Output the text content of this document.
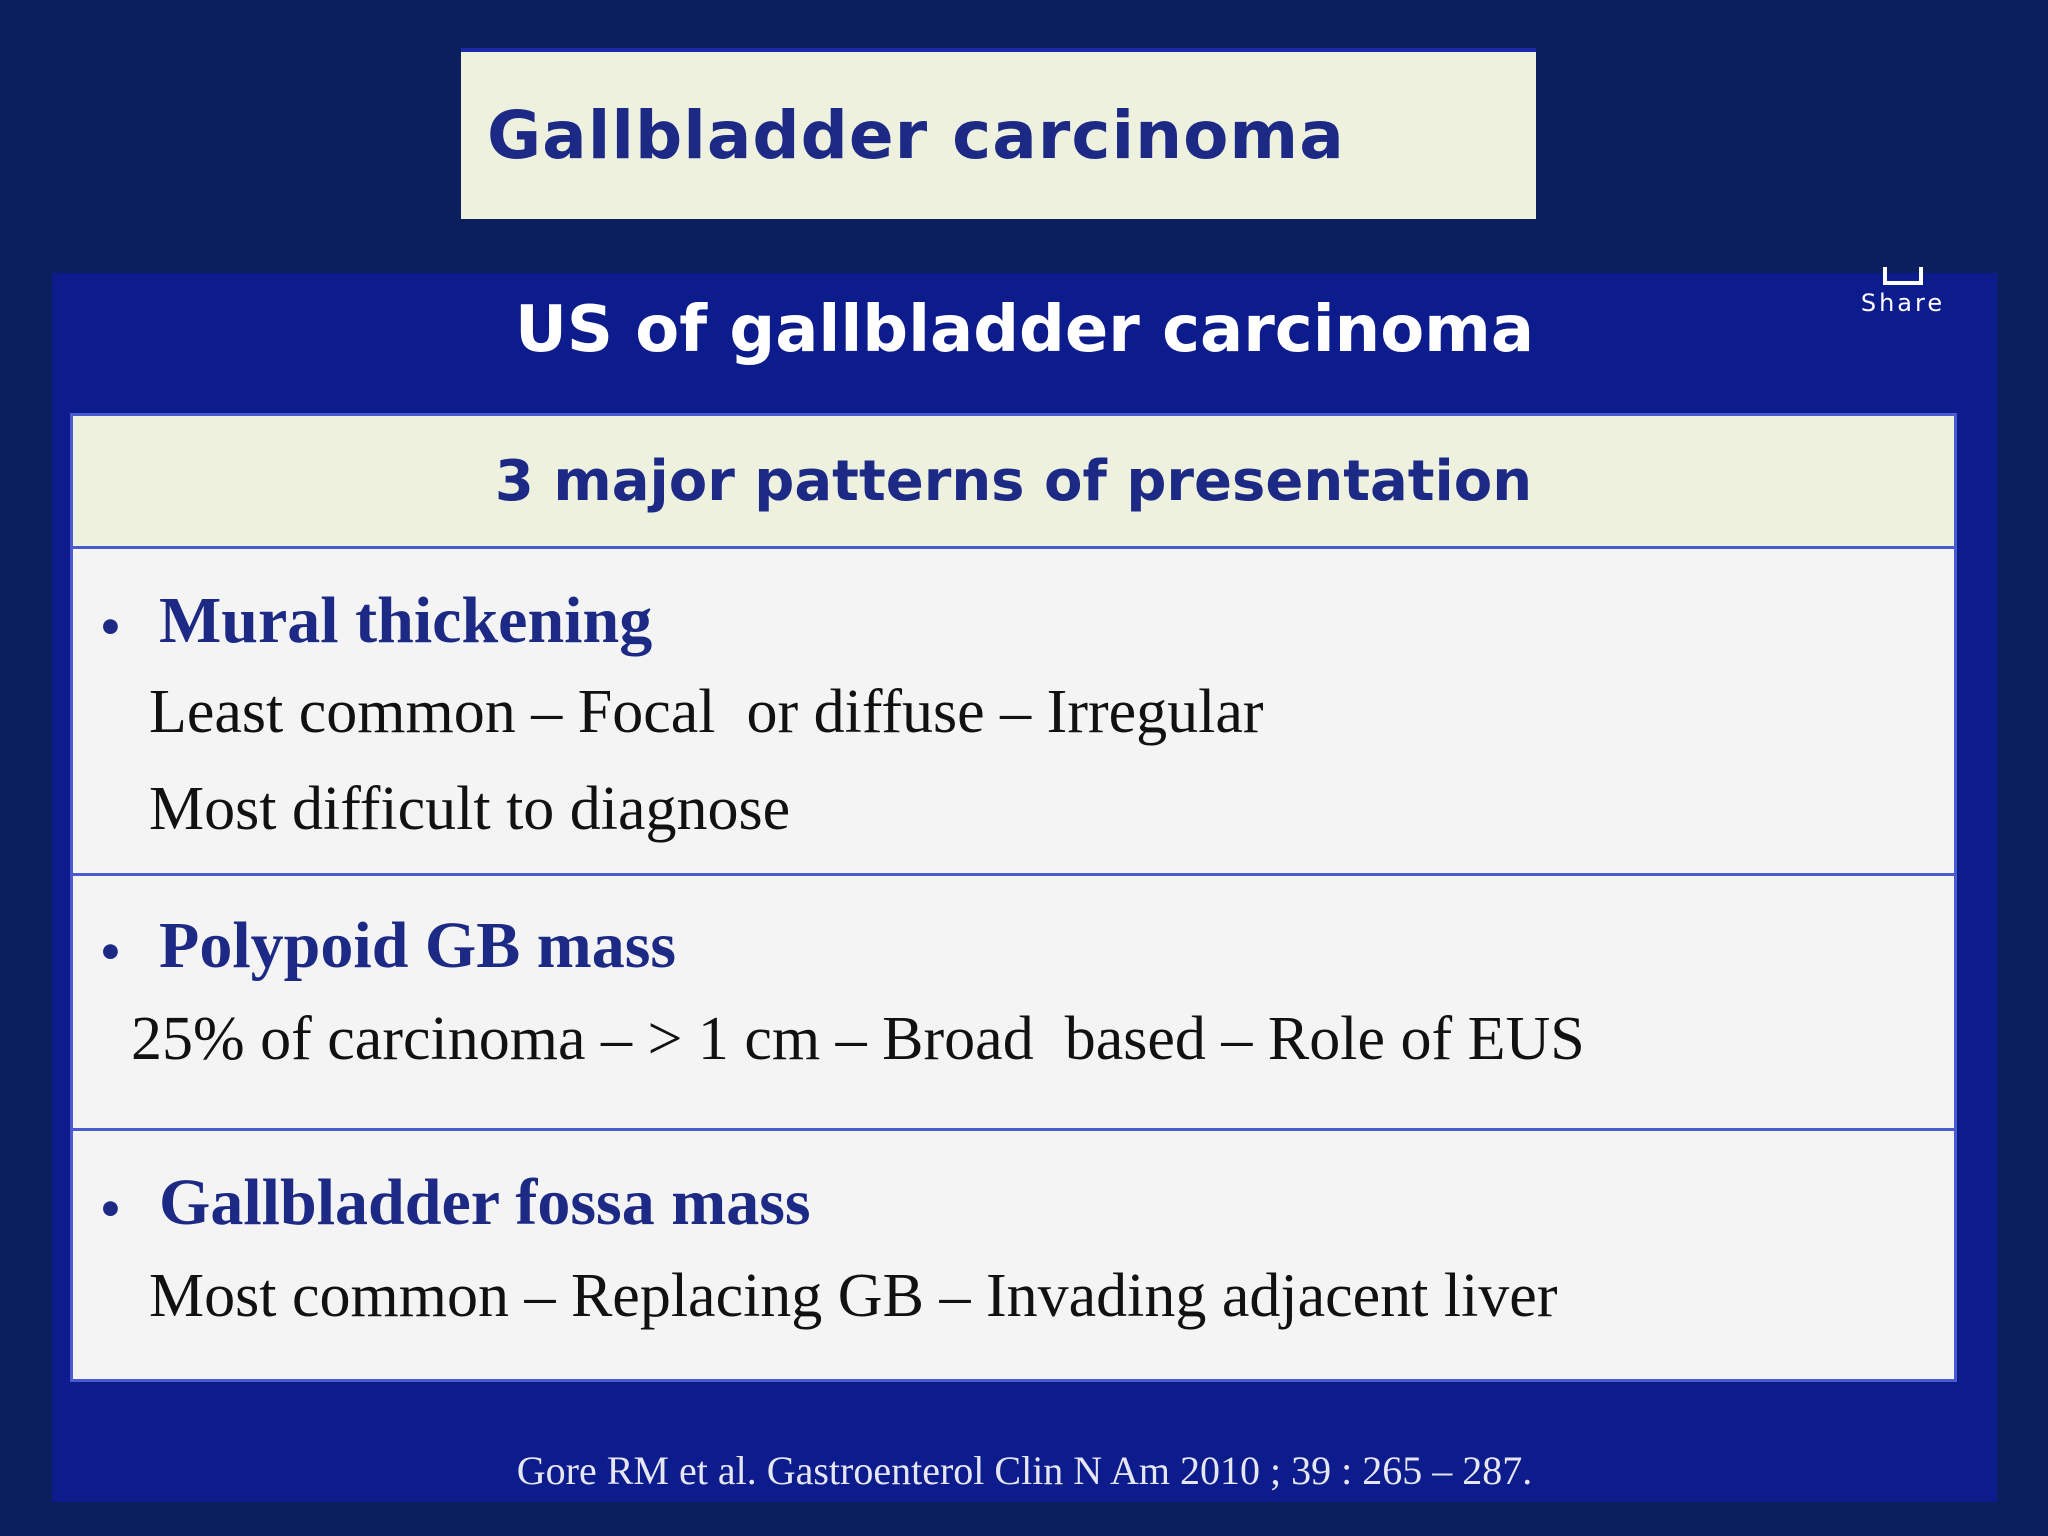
Gallbladder carcinoma
US of gallbladder carcinoma	Share
3 major patterns of presentation
• Mural thickening
Least common – Focal  or diffuse – Irregular
Most difficult to diagnose
• Polypoid GB mass
25% of carcinoma – > 1 cm – Broad  based – Role of EUS
• Gallbladder fossa mass
Most common – Replacing GB – Invading adjacent liver
Gore RM et al. Gastroenterol Clin N Am 2010 ; 39 : 265 – 287.
